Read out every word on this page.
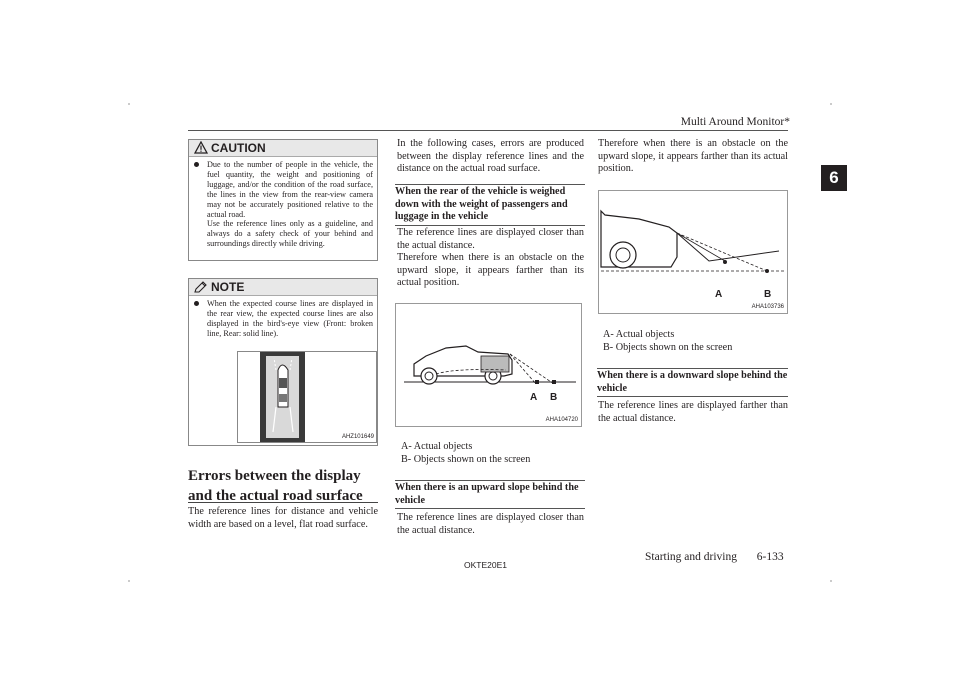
Multi Around Monitor*
6
CAUTION
Due to the number of people in the vehicle, the fuel quantity, the weight and positioning of luggage, and/or the condition of the road surface, the lines in the view from the rear-view camera may not be accurately positioned relative to the actual road.
Use the reference lines only as a guideline, and always do a safety check of your behind and surroundings directly while driving.
NOTE
When the expected course lines are displayed in the rear view, the expected course lines are also displayed in the bird's-eye view (Front: broken line, Rear: solid line).
AHZ101649
Errors between the display and the actual road surface
The reference lines for distance and vehicle width are based on a level, flat road surface.
In the following cases, errors are produced between the display reference lines and the distance on the actual road surface.
When the rear of the vehicle is weighed down with the weight of passengers and luggage in the vehicle
The reference lines are displayed closer than the actual distance.
Therefore when there is an obstacle on the upward slope, it appears farther than its actual position.
A B
AHA104720
A- Actual objects
B- Objects shown on the screen
When there is an upward slope behind the vehicle
The reference lines are displayed closer than the actual distance.
Therefore when there is an obstacle on the upward slope, it appears farther than its actual position.
A	B
AHA103736
A- Actual objects
B- Objects shown on the screen
When there is a downward slope behind the vehicle
The reference lines are displayed farther than the actual distance.
OKTE20E1
Starting and driving 6-133
